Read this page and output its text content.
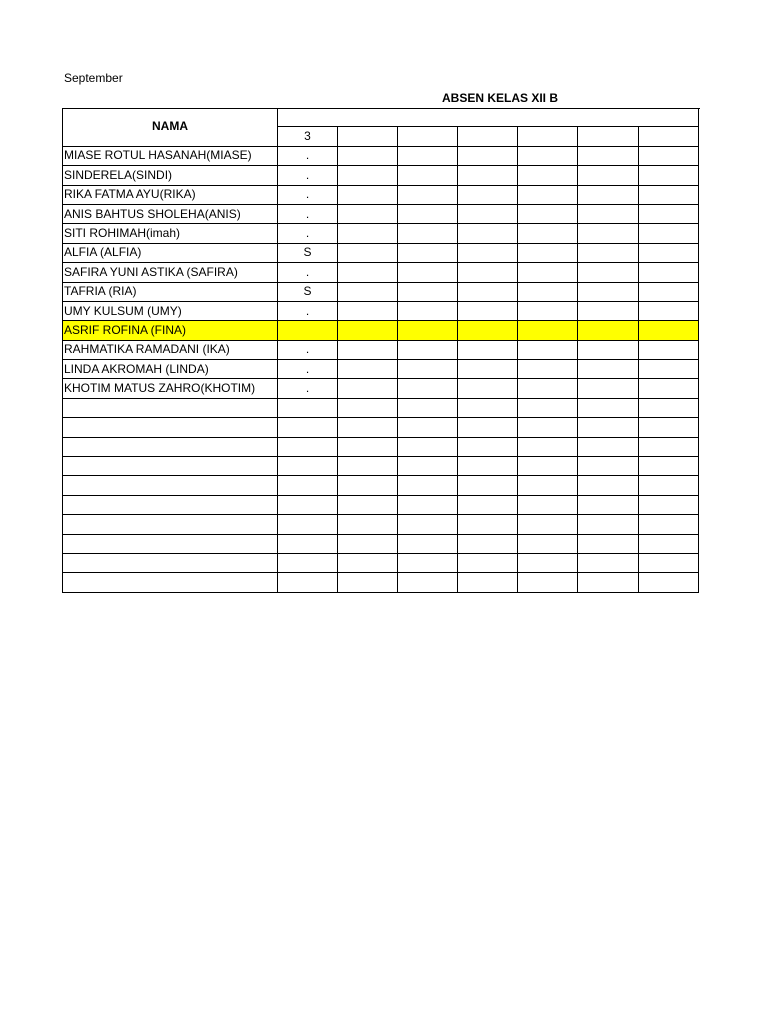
September
ABSEN KELAS XII B
NAMA							
	3						
MIASE ROTUL HASANAH(MIASE)	.						
SINDERELA(SINDI)	.						
RIKA FATMA AYU(RIKA)	.						
ANIS BAHTUS SHOLEHA(ANIS)	.						
SITI ROHIMAH(imah)	.						
ALFIA (ALFIA)	S						
SAFIRA YUNI ASTIKA (SAFIRA)	.						
TAFRIA (RIA)	S						
UMY KULSUM (UMY)	.						
ASRIF ROFINA (FINA)							
RAHMATIKA RAMADANI (IKA)	.						
LINDA AKROMAH (LINDA)	.						
KHOTIM MATUS ZAHRO(KHOTIM)	.						
